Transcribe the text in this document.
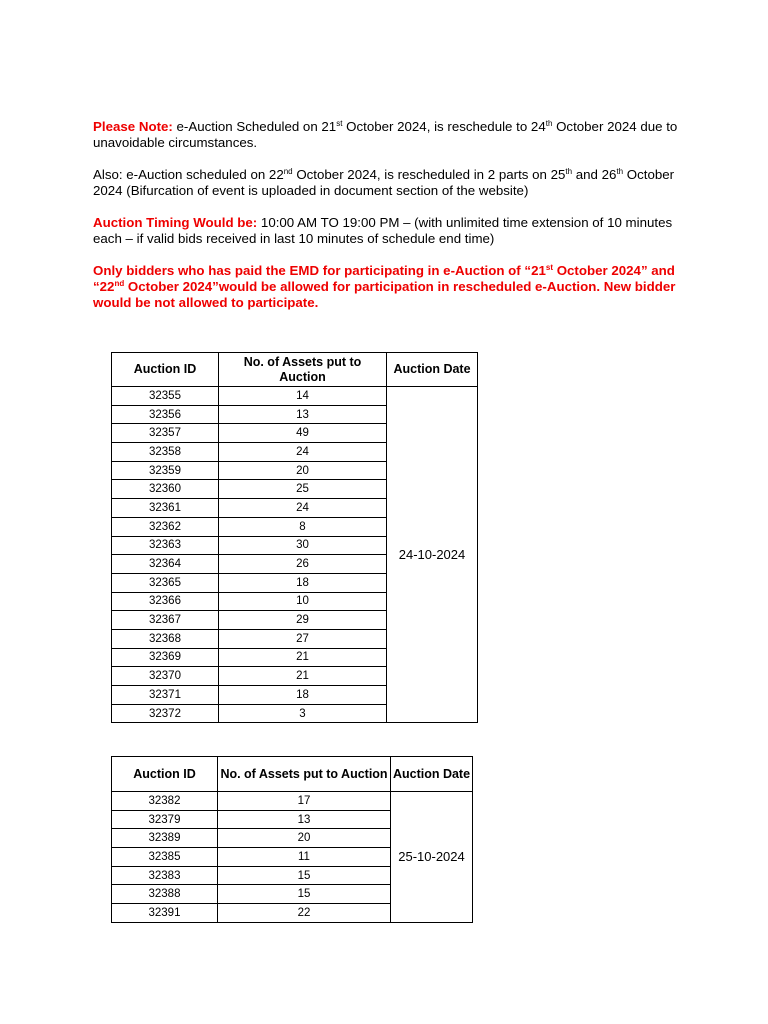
Please Note: e-Auction Scheduled on 21st October 2024, is reschedule to 24th October 2024 due to unavoidable circumstances.

Also: e-Auction scheduled on 22nd October 2024, is rescheduled in 2 parts on 25th and 26th October 2024 (Bifurcation of event is uploaded in document section of the website)

Auction Timing Would be: 10:00 AM TO 19:00 PM – (with unlimited time extension of 10 minutes each – if valid bids received in last 10 minutes of schedule end time)

Only bidders who has paid the EMD for participating in e-Auction of “21st October 2024” and “22nd October 2024”would be allowed for participation in rescheduled e-Auction. New bidder would be not allowed to participate.

Auction ID	No. of Assets put to Auction	Auction Date
32355	14	24-10-2024
32356	13	
32357	49	
32358	24	
32359	20	
32360	25	
32361	24	
32362	8	
32363	30	
32364	26	
32365	18	
32366	10	
32367	29	
32368	27	
32369	21	
32370	21	
32371	18	
32372	3	
Auction ID	No. of Assets put to Auction	Auction Date
32382	17	25-10-2024
32379	13	
32389	20	
32385	11	
32383	15	
32388	15	
32391	22	
